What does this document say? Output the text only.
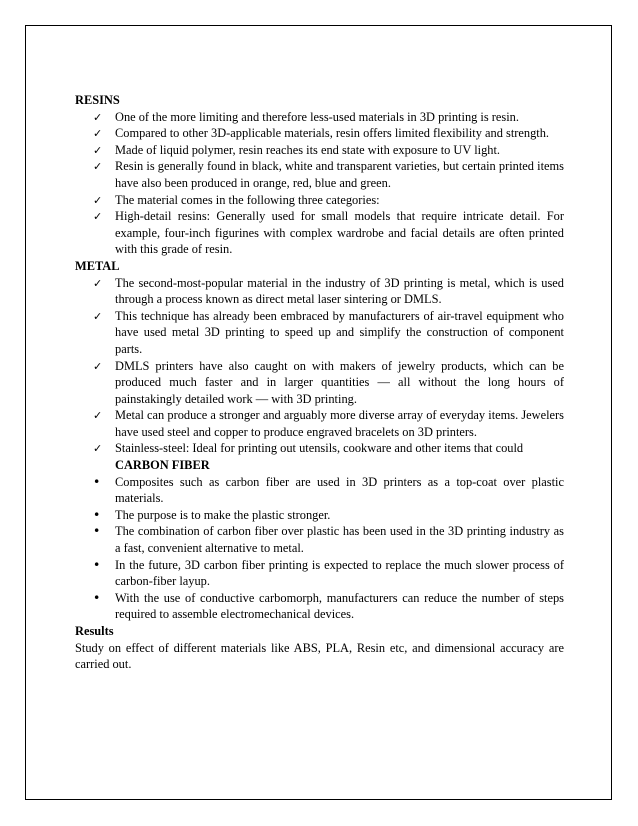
RESINS

✓
One of the more limiting and therefore less-used materials in 3D printing is resin.
✓
Compared to other 3D-applicable materials, resin offers limited flexibility and strength.
✓
Made of liquid polymer, resin reaches its end state with exposure to UV light.
✓
Resin is generally found in black, white and transparent varieties, but certain printed items have also been produced in orange, red, blue and green.
✓
The material comes in the following three categories:
✓
High-detail resins: Generally used for small models that require intricate detail. For example, four-inch figurines with complex wardrobe and facial details are often printed with this grade of resin.

METAL

✓
The second-most-popular material in the industry of 3D printing is metal, which is used through a process known as direct metal laser sintering or DMLS.
✓
This technique has already been embraced by manufacturers of air-travel equipment who have used metal 3D printing to speed up and simplify the construction of component parts.
✓
DMLS printers have also caught on with makers of jewelry products, which can be produced much faster and in larger quantities — all without the long hours of painstakingly detailed work — with 3D printing.
✓
Metal can produce a stronger and arguably more diverse array of everyday items. Jewelers have used steel and copper to produce engraved bracelets on 3D printers.
✓
Stainless-steel: Ideal for printing out utensils, cookware and other items that could
CARBON FIBER
•
Composites such as carbon fiber are used in 3D printers as a top-coat over plastic materials.
•
The purpose is to make the plastic stronger.
•
The combination of carbon fiber over plastic has been used in the 3D printing industry as a fast, convenient alternative to metal.
•
In the future, 3D carbon fiber printing is expected to replace the much slower process of carbon-fiber layup.
•
With the use of conductive carbomorph, manufacturers can reduce the number of steps required to assemble electromechanical devices.

Results

Study on effect of different materials like ABS, PLA, Resin etc, and dimensional accuracy are carried out.
